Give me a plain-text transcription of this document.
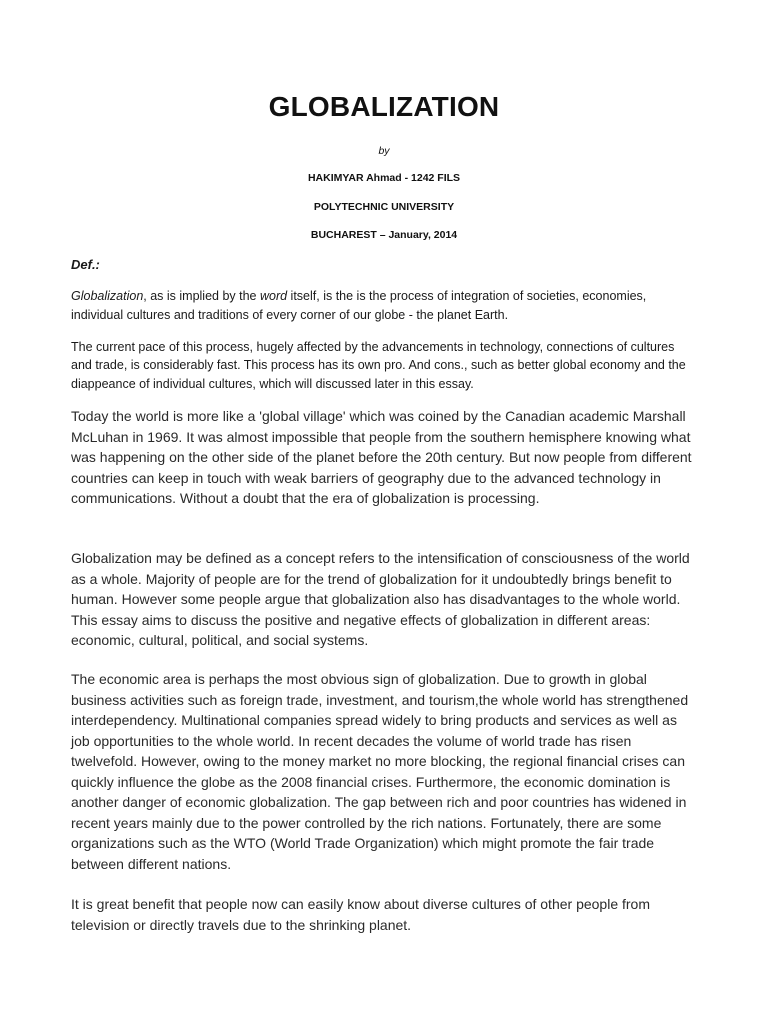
GLOBALIZATION
by
HAKIMYAR Ahmad - 1242 FILS
POLYTECHNIC UNIVERSITY
BUCHAREST – January, 2014
Def.:

Globalization, as is implied by the word itself, is the is the process of integration of societies, economies, individual cultures and traditions of every corner of our globe - the planet Earth.

The current pace of this process, hugely affected by the advancements in technology, connections of cultures and trade, is considerably fast. This process has its own pro. And cons., such as better global economy and the diappeance of individual cultures, which will discussed later in this essay.

Today the world is more like a 'global village' which was coined by the Canadian academic Marshall McLuhan in 1969. It was almost impossible that people from the southern hemisphere knowing what was happening on the other side of the planet before the 20th century. But now people from different countries can keep in touch with weak barriers of geography due to the advanced technology in communications. Without a doubt that the era of globalization is processing.

Globalization may be defined as a concept refers to the intensification of consciousness of the world as a whole. Majority of people are for the trend of globalization for it undoubtedly brings benefit to human. However some people argue that globalization also has disadvantages to the whole world. This essay aims to discuss the positive and negative effects of globalization in different areas: economic, cultural, political, and social systems.

The economic area is perhaps the most obvious sign of globalization. Due to growth in global business activities such as foreign trade, investment, and tourism,the whole world has strengthened interdependency. Multinational companies spread widely to bring products and services as well as job opportunities to the whole world. In recent decades the volume of world trade has risen twelvefold. However, owing to the money market no more blocking, the regional financial crises can quickly influence the globe as the 2008 financial crises. Furthermore, the economic domination is another danger of economic globalization. The gap between rich and poor countries has widened in recent years mainly due to the power controlled by the rich nations. Fortunately, there are some organizations such as the WTO (World Trade Organization) which might promote the fair trade between different nations.

It is great benefit that people now can easily know about diverse cultures of other people from television or directly travels due to the shrinking planet.
